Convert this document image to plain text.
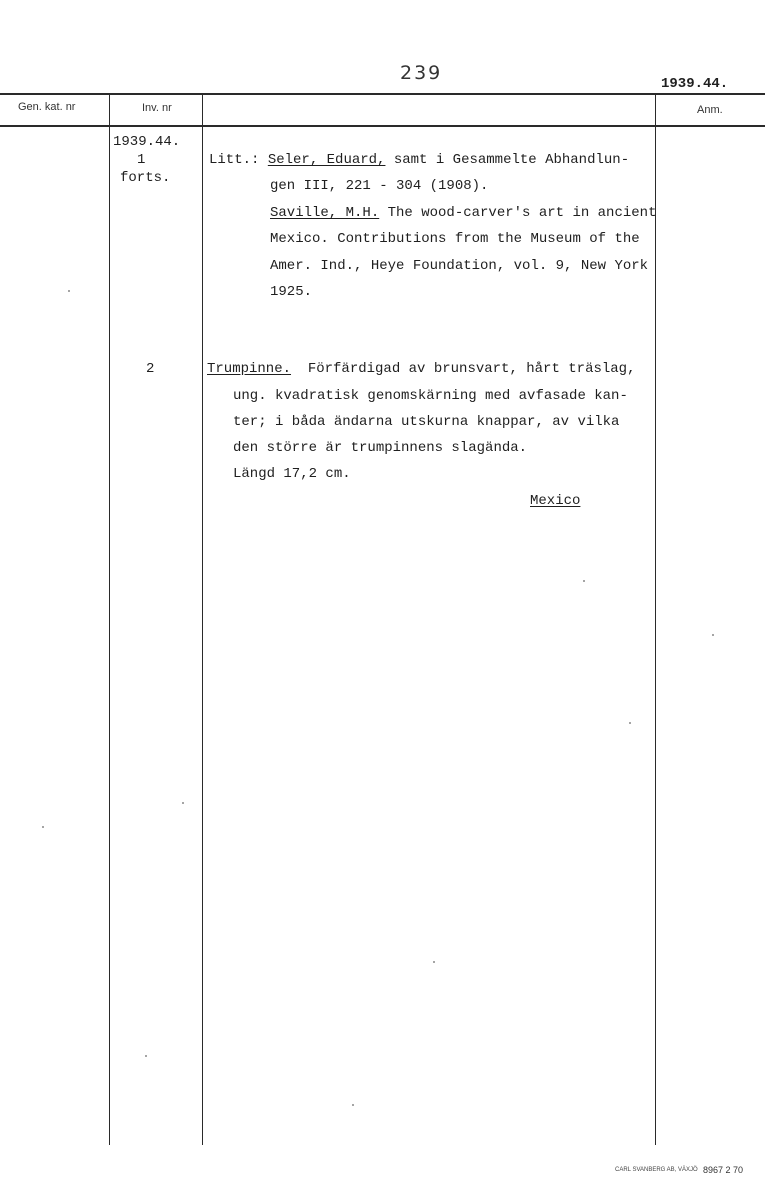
239	1939.44.
Gen. kat. nr	Inv. nr	Anm.
1939.44.
1
forts.
Litt.: Seler, Eduard, samt i Gesammelte Abhandlun-
gen III, 221 - 304 (1908).
Saville, M.H. The wood-carver's art in ancient
Mexico. Contributions from the Museum of the
Amer. Ind., Heye Foundation, vol. 9, New York
1925.
2	Trumpinne.  Förfärdigad av brunsvart, hårt träslag,
ung. kvadratisk genomskärning med avfasade kan-
ter; i båda ändarna utskurna knappar, av vilka
den större är trumpinnens slagända.
Längd 17,2 cm.
Mexico
CARL SVANBERG AB, VÄXJÖ 8967 2 70
